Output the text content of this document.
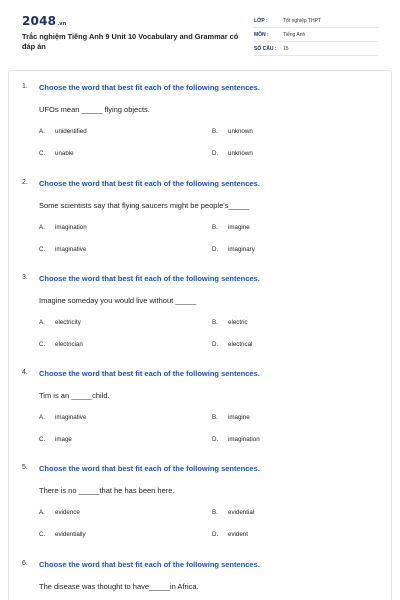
2048.vn
Trắc nghiệm Tiếng Anh 9 Unit 10 Vocabulary and Grammar có đáp án
LỚP :	Tốt nghiệp THPT
MÔN :	Tiếng Anh
SỐ CÂU :	15
1. Choose the word that best fit each of the following sentences.
UFOs mean _____ flying objects.
A. unidentified	B. unknown
C. unable	D. unknown
2. Choose the word that best fit each of the following sentences.
Some scientists say that flying saucers might be people's_____
A. imagination	B. imagine
C. imaginative	D. imaginary
3. Choose the word that best fit each of the following sentences.
Imagine someday you would live without _____
A. electricity	B. electric
C. electrician	D. electrical
4. Choose the word that best fit each of the following sentences.
Tim is an _____child.
A. imaginative	B. imagine
C. image	D. imagination
5. Choose the word that best fit each of the following sentences.
There is no _____that he has been here.
A. evidence	B. evidential
C. evidentially	D. evident
6. Choose the word that best fit each of the following sentences.
The disease was thought to have_____in Africa.
